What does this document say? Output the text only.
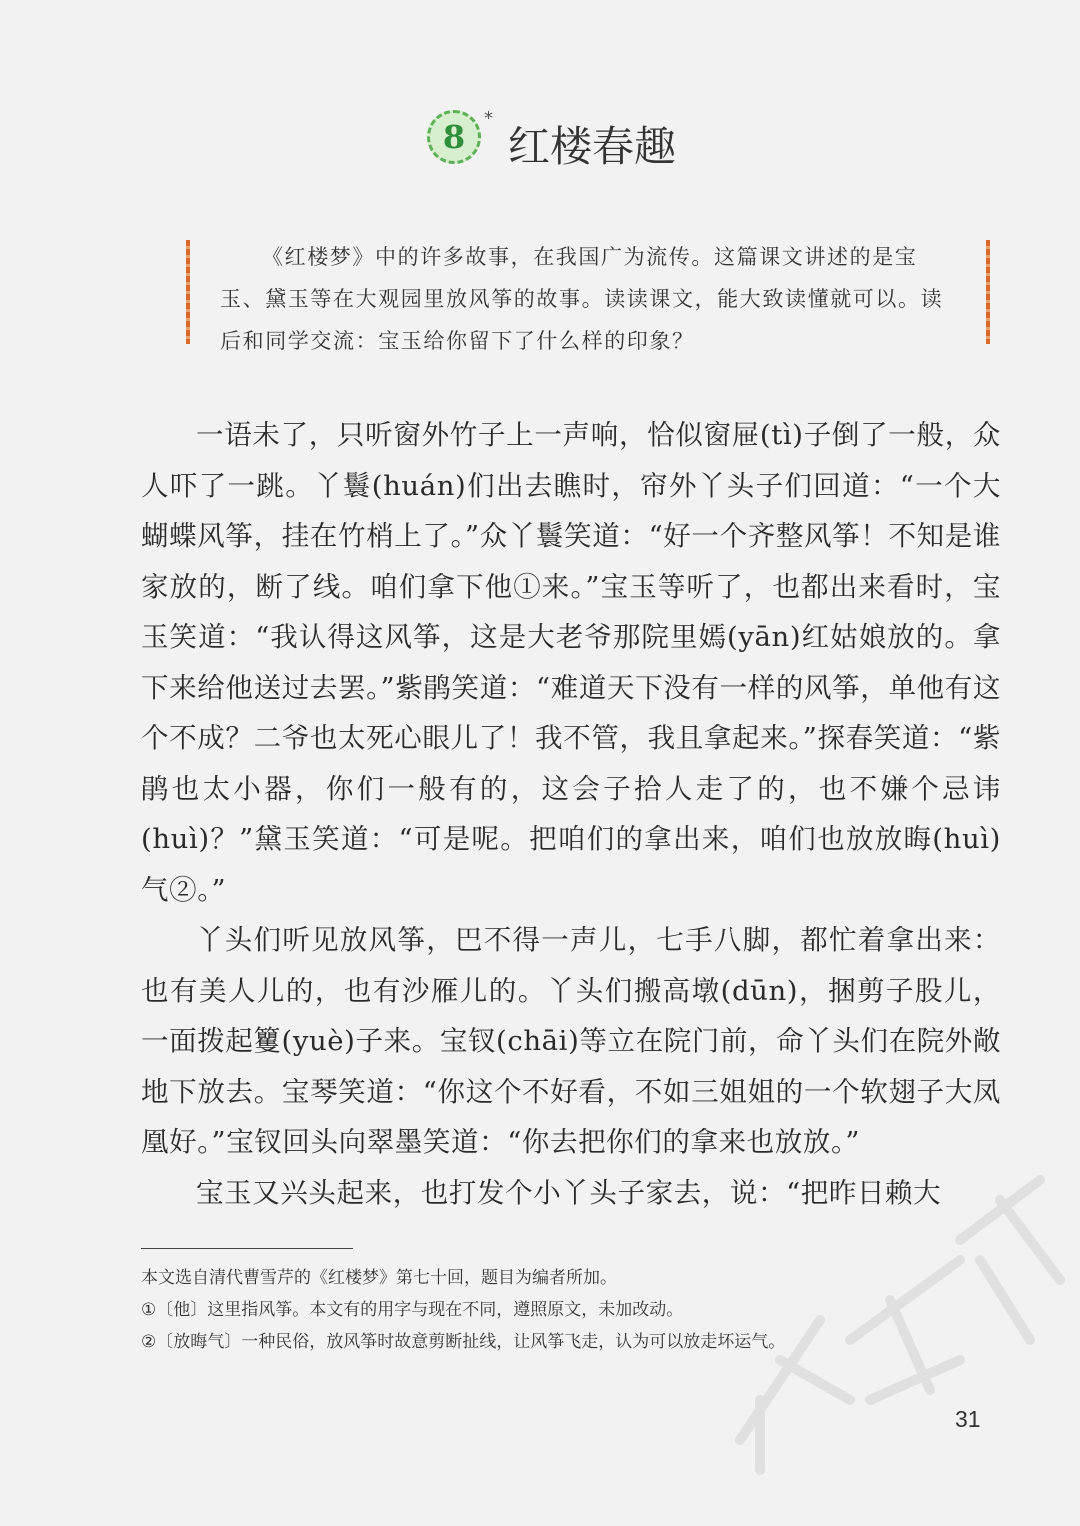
8 *
红楼春趣
《红楼梦》中的许多故事，在我国广为流传。这篇课文讲述的是宝玉、黛玉等在大观园里放风筝的故事。读读课文，能大致读懂就可以。读后和同学交流：宝玉给你留下了什么样的印象？

一语未了，只听窗外竹子上一声响，恰似窗屉(tì)子倒了一般，众人吓了一跳。丫鬟(huán)们出去瞧时，帘外丫头子们回道：“一个大蝴蝶风筝，挂在竹梢上了。”众丫鬟笑道：“好一个齐整风筝！不知是谁家放的，断了线。咱们拿下他①来。”宝玉等听了，也都出来看时，宝玉笑道：“我认得这风筝，这是大老爷那院里嫣(yān)红姑娘放的。拿下来给他送过去罢。”紫鹃笑道：“难道天下没有一样的风筝，单他有这个不成？二爷也太死心眼儿了！我不管，我且拿起来。”探春笑道：“紫鹃也太小器，你们一般有的，这会子拾人走了的，也不嫌个忌讳(huì)？”黛玉笑道：“可是呢。把咱们的拿出来，咱们也放放晦(huì)气②。”

丫头们听见放风筝，巴不得一声儿，七手八脚，都忙着拿出来：也有美人儿的，也有沙雁儿的。丫头们搬高墩(dūn)，捆剪子股儿，一面拨起籰(yuè)子来。宝钗(chāi)等立在院门前，命丫头们在院外敞地下放去。宝琴笑道：“你这个不好看，不如三姐姐的一个软翅子大凤凰好。”宝钗回头向翠墨笑道：“你去把你们的拿来也放放。”

宝玉又兴头起来，也打发个小丫头子家去，说：“把昨日赖大

本文选自清代曹雪芹的《红楼梦》第七十回，题目为编者所加。
①〔他〕这里指风筝。本文有的用字与现在不同，遵照原文，未加改动。
②〔放晦气〕一种民俗，放风筝时故意剪断扯线，让风筝飞走，认为可以放走坏运气。
31
